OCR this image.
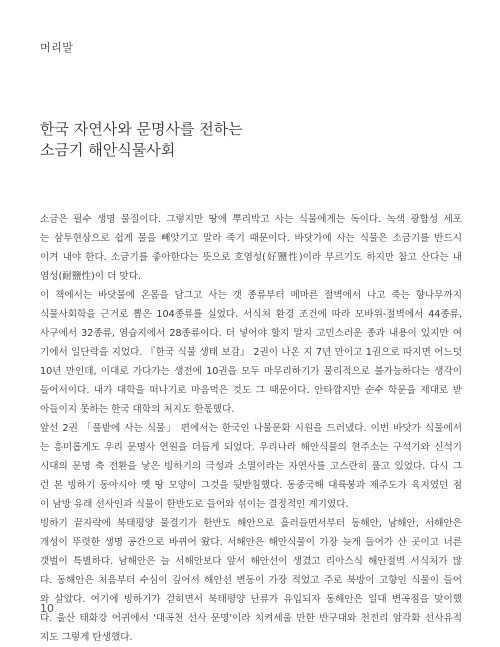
머리말
한국 자연사와 문명사를 전하는
소금기 해안식물사회
소금은 필수 생명 물질이다. 그렇지만 땅에 뿌리박고 사는 식물에게는 독이다. 녹색 광합성 세포
는 삼투현상으로 쉽게 물을 빼앗기고 말라 죽기 때문이다. 바닷가에 사는 식물은 소금기를 반드시
이겨 내야 한다. 소금기를 좋아한다는 뜻으로 호염성(好鹽性)이라 부르기도 하지만 참고 산다는 내
염성(耐鹽性)이 더 맞다.
이 책에서는 바닷물에 온몸을 담그고 사는 갯 종류부터 메마른 절벽에서 나고 죽는 향나무까지
식물사회학을 근거로 뽑은 104종류를 실었다. 서식처 환경 조건에 따라 모바위-절벽에서 44종류,
사구에서 32종류, 염습지에서 28종류이다. 더 넣어야 할지 말지 고민스러운 종과 내용이 있지만 여
기에서 일단락을 지었다. 『한국 식물 생태 보감』 2권이 나온 지 7년 만이고 1권으로 따지면 어느덧
10년 만인데, 이대로 가다가는 생전에 10권을 모두 마무리하기가 물리적으로 불가능하다는 생각이
들어서이다. 내가 대학을 떠나기로 마음먹은 것도 그 때문이다. 안타깝지만 순수 학문을 제대로 받
아들이지 못하는 한국 대학의 처지도 한몫했다.
앞선 2권 「풀밭에 사는 식물」 편에서는 한국인 나물문화 시원을 드러냈다. 이번 바닷가 식물에서
는 흥미롭게도 우리 문명사 연원을 더듬게 되었다. 우리나라 해안식물의 현주소는 구석기와 신석기
시대의 문명 축 전환을 낳은 빙하기의 극성과 소멸이라는 자연사를 고스란히 품고 있었다. 다시 그
런 본 빙하기 동아시아 옛 땅 모양이 그것을 뒷받침했다. 동중국해 대륙붕과 제주도가 육지였던 점
이 남방 유래 선사인과 식물이 한반도로 들어와 섞이는 결정적인 계기였다.
빙하기 끝자락에 북태평양 물결기가 한반도 해안으로 흘러들면서부터 동해안, 남해안, 서해안은
개성이 뚜렷한 생명 공간으로 바뀌어 왔다. 서해안은 해안식물이 가장 늦게 들어가 산 곳이고 너른
갯벌이 특별하다. 남해안은 늘 서해안보다 앞서 해안선이 생겼고 리아스식 해안절벽 서식처가 많
다. 동해안은 처음부터 수심이 깊어서 해안선 변동이 가장 적었고 주로 북방이 고향인 식물이 들어
와 살았다. 여기에 빙하기가 걷히면서 북태평양 난류가 유입되자 동해안은 일대 변곡점을 맞이했
다. 울산 태화강 어귀에서 '대곡천 선사 문명'이라 치켜세울 만한 반구대와 천전리 암각화 선사유적
지도 그렇게 탄생했다.
10
